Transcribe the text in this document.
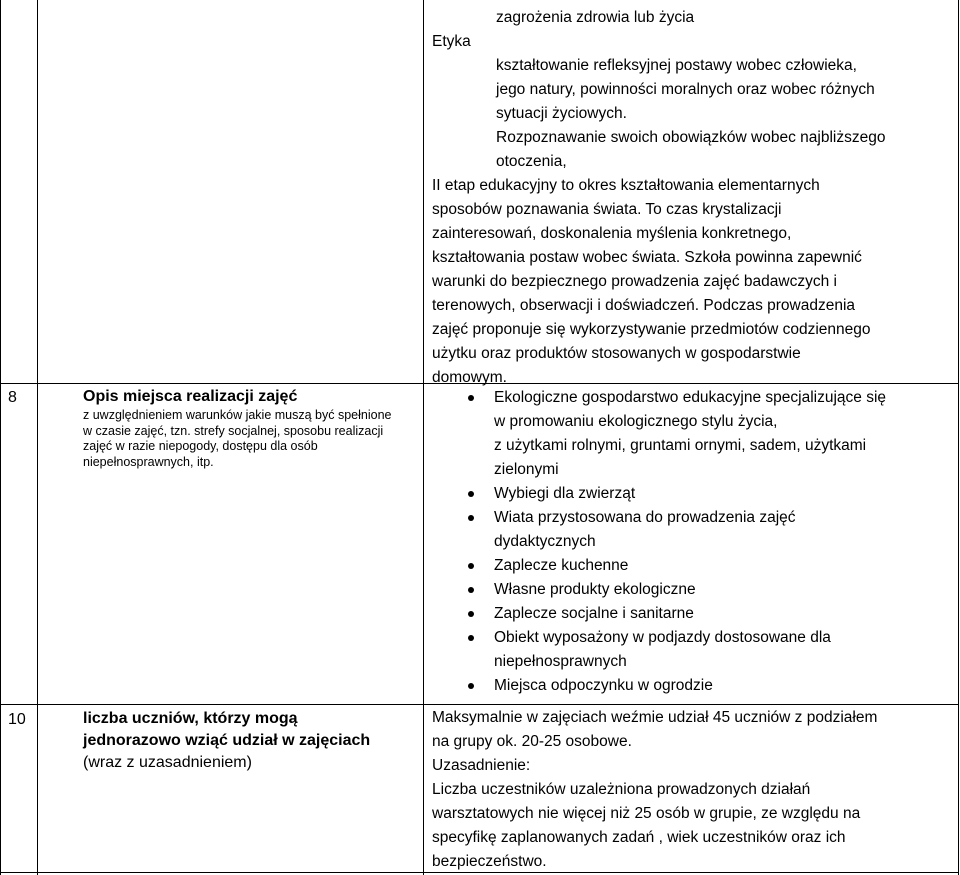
8	Opis miejsca realizacji zajęć
z uwzględnieniem warunków jakie muszą być spełnione
w czasie zajęć, tzn. strefy socjalnej, sposobu realizacji
zajęć w razie niepogody, dostępu dla osób
niepełnosprawnych, itp.
10	liczba uczniów, którzy mogą
jednorazowo wziąć udział w zajęciach
(wraz z uzasadnieniem)
zagrożenia zdrowia lub życia
Etyka
kształtowanie refleksyjnej postawy wobec człowieka,
jego natury, powinności moralnych oraz wobec różnych
sytuacji życiowych.
Rozpoznawanie swoich obowiązków wobec najbliższego
otoczenia,
II etap edukacyjny to okres kształtowania elementarnych
sposobów poznawania świata. To czas krystalizacji
zainteresowań, doskonalenia myślenia konkretnego,
kształtowania postaw wobec świata. Szkoła powinna zapewnić
warunki do bezpiecznego prowadzenia zajęć badawczych i
terenowych, obserwacji i doświadczeń. Podczas prowadzenia
zajęć proponuje się wykorzystywanie przedmiotów codziennego
użytku oraz produktów stosowanych w gospodarstwie
domowym.
Ekologiczne gospodarstwo edukacyjne specjalizujące się
w promowaniu ekologicznego stylu życia,
z użytkami rolnymi, gruntami ornymi, sadem, użytkami
zielonymi
Wybiegi dla zwierząt
Wiata przystosowana do prowadzenia zajęć
dydaktycznych
Zaplecze kuchenne
Własne produkty ekologiczne
Zaplecze socjalne i sanitarne
Obiekt wyposażony w podjazdy dostosowane dla
niepełnosprawnych
Miejsca odpoczynku w ogrodzie
Maksymalnie w zajęciach weźmie udział 45 uczniów z podziałem
na grupy ok. 20-25 osobowe.
Uzasadnienie:
Liczba uczestników uzależniona prowadzonych działań
warsztatowych nie więcej niż 25 osób w grupie, ze względu na
specyfikę zaplanowanych zadań , wiek uczestników oraz ich
bezpieczeństwo.
